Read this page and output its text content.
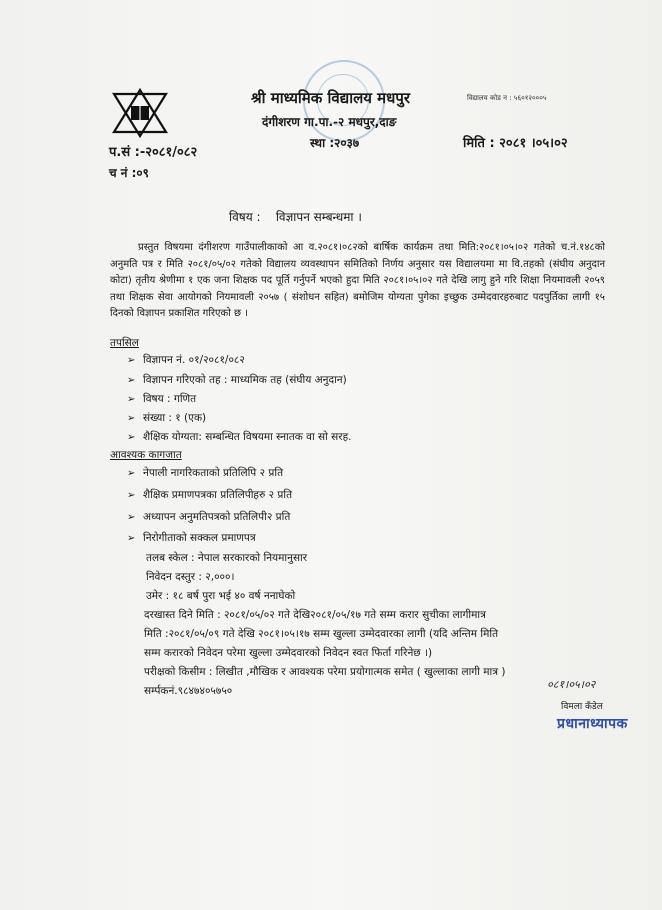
श्री माध्यमिक विद्यालय मधपुर
दंगीशरण गा.पा.-२ मधपुर,दाङ
स्था :२०३७
विद्यालय कोड न : ५६०१२०००५
प.सं :-२०८१/०८२
च नं :०९
मिति : २०८१ ।०५।०२
विषय : विज्ञापन सम्बन्धमा ।
प्रस्तुत विषयमा दंगीशरण गाउँपालीकाको आ व.२०८१।०८२को बार्षिक कार्यक्रम तथा मिति:२०८१।०५।०२ गतेको च.नं.१४८को अनुमति पत्र र मिति २०८१/०५/०२ गतेको विद्यालय व्यवस्थापन समितिको निर्णय अनुसार यस विद्यालयमा मा वि.तहको (संघीय अनुदान कोटा) तृतीय श्रेणीमा १ एक जना शिक्षक पद पूर्ति गर्नुपर्ने भएको हुदा मिति २०८१।०५।०२ गते देखि लागु हुने गरि शिक्षा नियमावली २०५९ तथा शिक्षक सेवा आयोगको नियमावली २०५७ ( संशोधन सहित) बमोजिम योग्यता पुगेका इच्छुक उम्मेदवारहरुबाट पदपुर्तिका लागी १५ दिनको विज्ञापन प्रकाशित गरिएको छ ।
तपसिल
➢ विज्ञापन नं. ०१/२०८१/०८२
➢ विज्ञापन गरिएको तह : माध्यमिक तह (संघीय अनुदान)
➢ विषय : गणित
➢ संख्या : १ (एक)
➢ शैक्षिक योग्यता: सम्बन्धित विषयमा स्नातक वा सो सरह.
आवश्यक कागजात
➢ नेपाली नागरिकताको प्रतिलिपि २ प्रति
➢ शैक्षिक प्रमाणपत्रका प्रतिलिपीहरु २ प्रति
➢ अध्यापन अनुमतिपत्रको प्रतिलिपी२ प्रति
➢ निरोगीताको सक्कल प्रमाणपत्र
तलब स्केल : नेपाल सरकारको नियमानुसार
निवेदन दस्तुर : २,०००।
उमेर : १८ बर्ष पुरा भई ४० वर्ष ननाघेको
दरखास्त दिने मिति : २०८१/०५/०२ गते देखि२०८१/०५/१७ गते सम्म करार सुचीका लागीमात्र
मिति :२०८१/०५/०९ गते देखि २०८१।०५।१७ सम्म खुल्ला उम्मेदवारका लागी (यदि अन्तिम मिति
सम्म करारको निवेदन परेमा खुल्ला उम्मेदवारको निवेदन स्वत फिर्ता गरिनेछ ।)
परीक्षको किसीम : लिखीत ,मौखिक र आवश्यक परेमा प्रयोगात्मक समेत ( खुल्लाका लागी मात्र )
सर्म्पकनं.९८४७४०५७५०	०८१।०५।०२
विमला कँडेल
प्रधानाध्यापक
